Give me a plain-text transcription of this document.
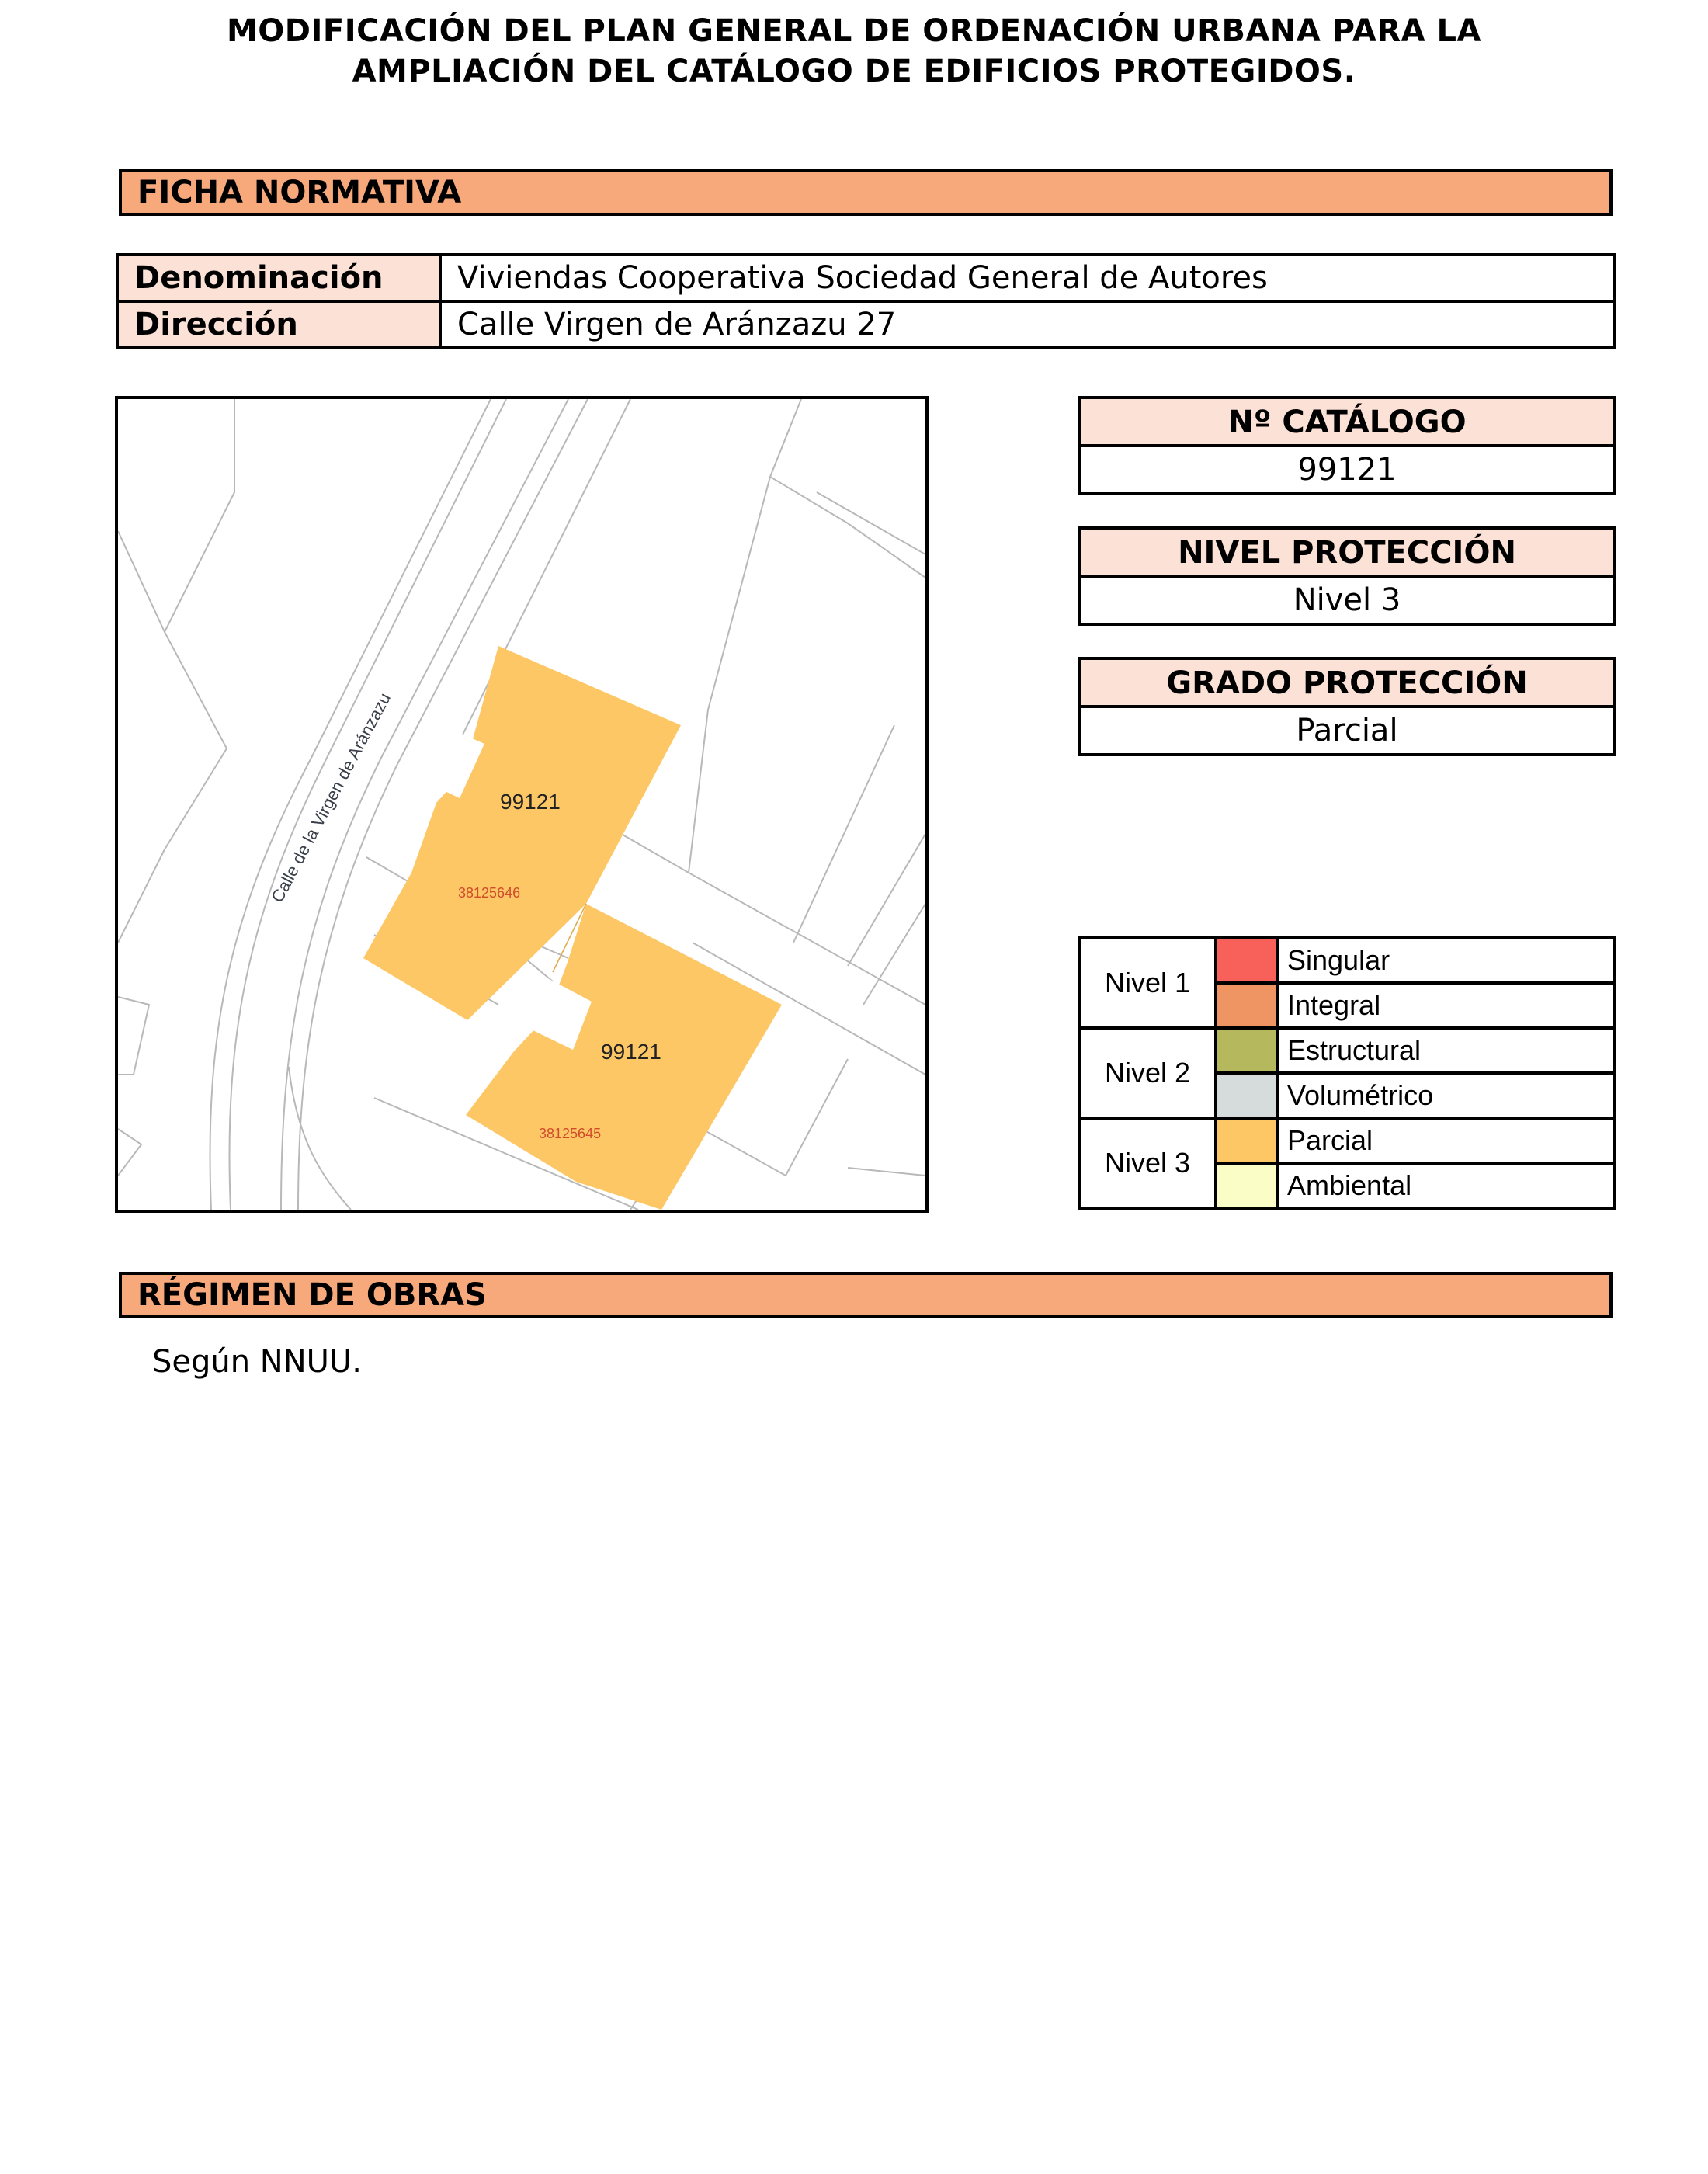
MODIFICACIÓN DEL PLAN GENERAL DE ORDENACIÓN URBANA PARA LA
AMPLIACIÓN DEL CATÁLOGO DE EDIFICIOS PROTEGIDOS.
FICHA NORMATIVA
Denominación	Viviendas Cooperativa Sociedad General de Autores
Dirección	Calle Virgen de Aránzazu 27
Calle de la Virgen de Aránzazu	99121
38125646
99121
38125645
Nº CATÁLOGO
99121
NIVEL PROTECCIÓN
Nivel 3
GRADO PROTECCIÓN
Parcial
Nivel 1		Singular
		Integral
Nivel 2		Estructural
		Volumétrico
Nivel 3		Parcial
		Ambiental
RÉGIMEN DE OBRAS
Según NNUU.
